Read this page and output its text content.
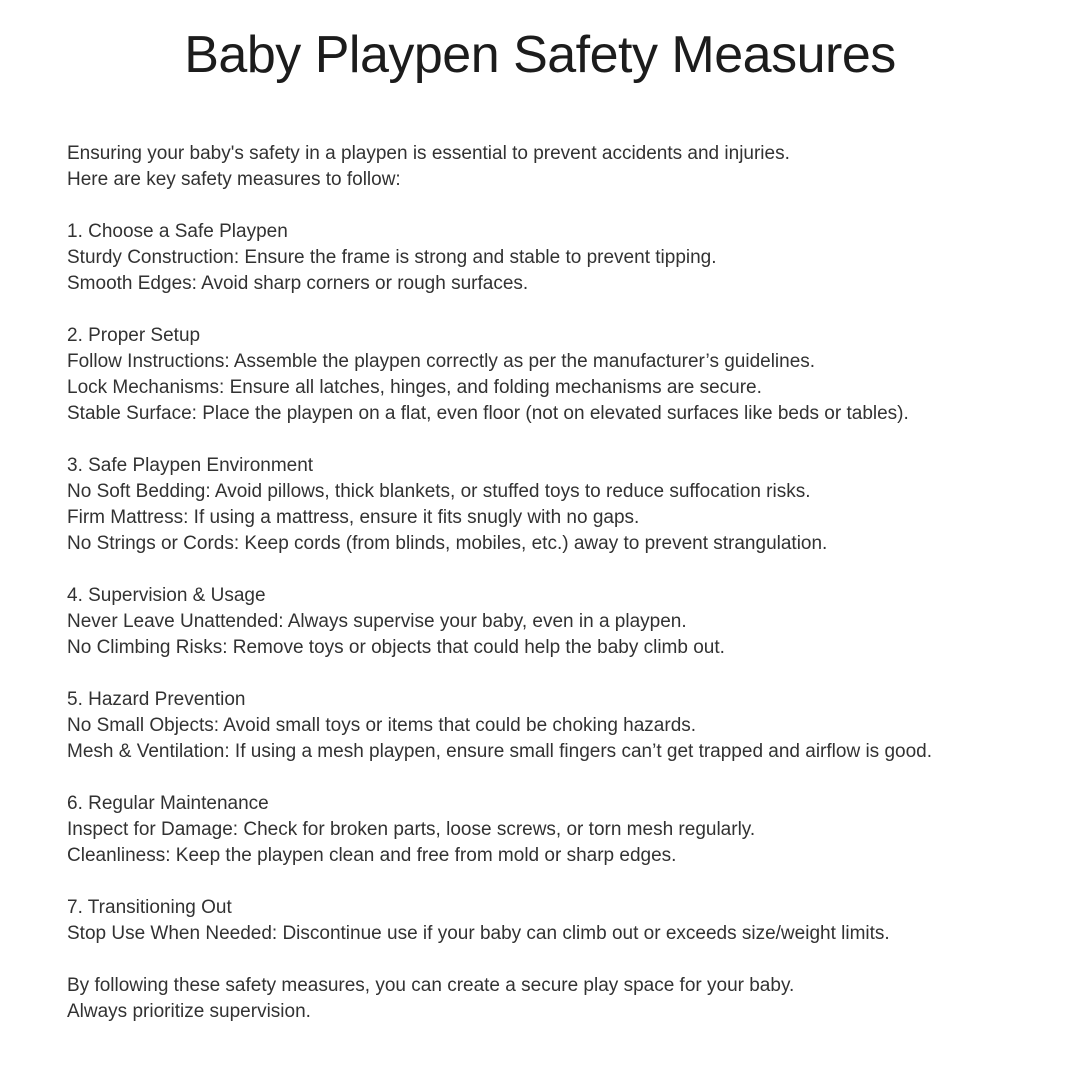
Baby Playpen Safety Measures

Ensuring your baby's safety in a playpen is essential to prevent accidents and injuries.
Here are key safety measures to follow:

1. Choose a Safe Playpen
Sturdy Construction: Ensure the frame is strong and stable to prevent tipping.
Smooth Edges: Avoid sharp corners or rough surfaces.

2. Proper Setup
Follow Instructions: Assemble the playpen correctly as per the manufacturer’s guidelines.
Lock Mechanisms: Ensure all latches, hinges, and folding mechanisms are secure.
Stable Surface: Place the playpen on a flat, even floor (not on elevated surfaces like beds or tables).

3. Safe Playpen Environment
No Soft Bedding: Avoid pillows, thick blankets, or stuffed toys to reduce suffocation risks.
Firm Mattress: If using a mattress, ensure it fits snugly with no gaps.
No Strings or Cords: Keep cords (from blinds, mobiles, etc.) away to prevent strangulation.

4. Supervision & Usage
Never Leave Unattended: Always supervise your baby, even in a playpen.
No Climbing Risks: Remove toys or objects that could help the baby climb out.

5. Hazard Prevention
No Small Objects: Avoid small toys or items that could be choking hazards.
Mesh & Ventilation: If using a mesh playpen, ensure small fingers can’t get trapped and airflow is good.

6. Regular Maintenance
Inspect for Damage: Check for broken parts, loose screws, or torn mesh regularly.
Cleanliness: Keep the playpen clean and free from mold or sharp edges.

7. Transitioning Out
Stop Use When Needed: Discontinue use if your baby can climb out or exceeds size/weight limits.

By following these safety measures, you can create a secure play space for your baby.
Always prioritize supervision.
